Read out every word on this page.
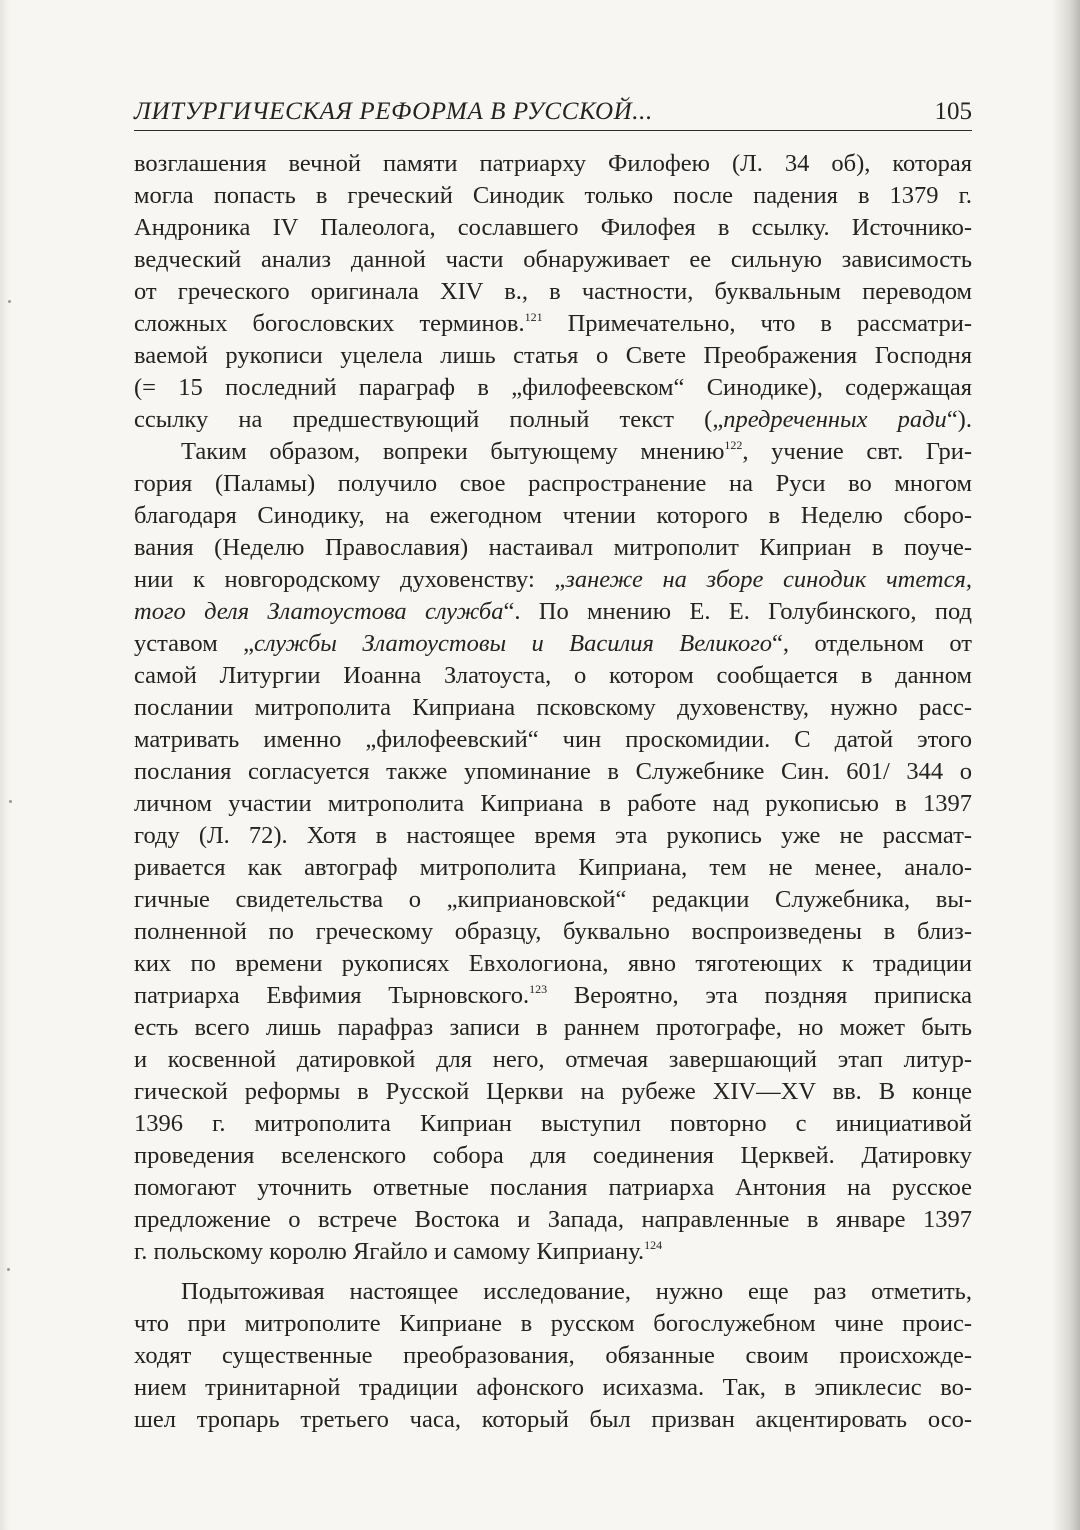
ЛИТУРГИЧЕСКАЯ РЕФОРМА В РУССКОЙ...	105
возглашения вечной памяти патриарху Филофею (Л. 34 об), которая
могла попасть в греческий Синодик только после падения в 1379 г.
Андроника IV Палеолога, сославшего Филофея в ссылку. Источнико-
ведческий анализ данной части обнаруживает ее сильную зависимость
от греческого оригинала XIV в., в частности, буквальным переводом
сложных богословских терминов.$^{121}$ Примечательно, что в рассматри-
ваемой рукописи уцелела лишь статья о Свете Преображения Господня
(= 15 последний параграф в „филофеевском“ Синодике), содержащая
ссылку на предшествующий полный текст („предреченных ради“).
Таким образом, вопреки бытующему мнению$^{122}$, учение свт. Гри-
гория (Паламы) получило свое распространение на Руси во многом
благодаря Синодику, на ежегодном чтении которого в Неделю сборо-
вания (Неделю Православия) настаивал митрополит Киприан в поуче-
нии к новгородскому духовенству: „занеже на зборе синодик чтется,
того деля Златоустова служба“. По мнению Е. Е. Голубинского, под
уставом „службы Златоустовы и Василия Великого“, отдельном от
самой Литургии Иоанна Златоуста, о котором сообщается в данном
послании митрополита Киприана псковскому духовенству, нужно расс-
матривать именно „филофеевский“ чин проскомидии. С датой этого
послания согласуется также упоминание в Служебнике Син. 601/ 344 о
личном участии митрополита Киприана в работе над рукописью в 1397
году (Л. 72). Хотя в настоящее время эта рукопись уже не рассмат-
ривается как автограф митрополита Киприана, тем не менее, анало-
гичные свидетельства о „киприановской“ редакции Служебника, вы-
полненной по греческому образцу, буквально воспроизведены в близ-
ких по времени рукописях Евхологиона, явно тяготеющих к традиции
патриарха Евфимия Тырновского.$^{123}$ Вероятно, эта поздняя приписка
есть всего лишь парафраз записи в раннем протографе, но может быть
и косвенной датировкой для него, отмечая завершающий этап литур-
гической реформы в Русской Церкви на рубеже XIV—XV вв. В конце
1396 г. митрополита Киприан выступил повторно с инициативой
проведения вселенского собора для соединения Церквей. Датировку
помогают уточнить ответные послания патриарха Антония на русское
предложение о встрече Востока и Запада, направленные в январе 1397
г. польскому королю Ягайло и самому Киприану.$^{124}$
Подытоживая настоящее исследование, нужно еще раз отметить,
что при митрополите Киприане в русском богослужебном чине проис-
ходят существенные преобразования, обязанные своим происхожде-
нием тринитарной традиции афонского исихазма. Так, в эпиклесис во-
шел тропарь третьего часа, который был призван акцентировать осо-
